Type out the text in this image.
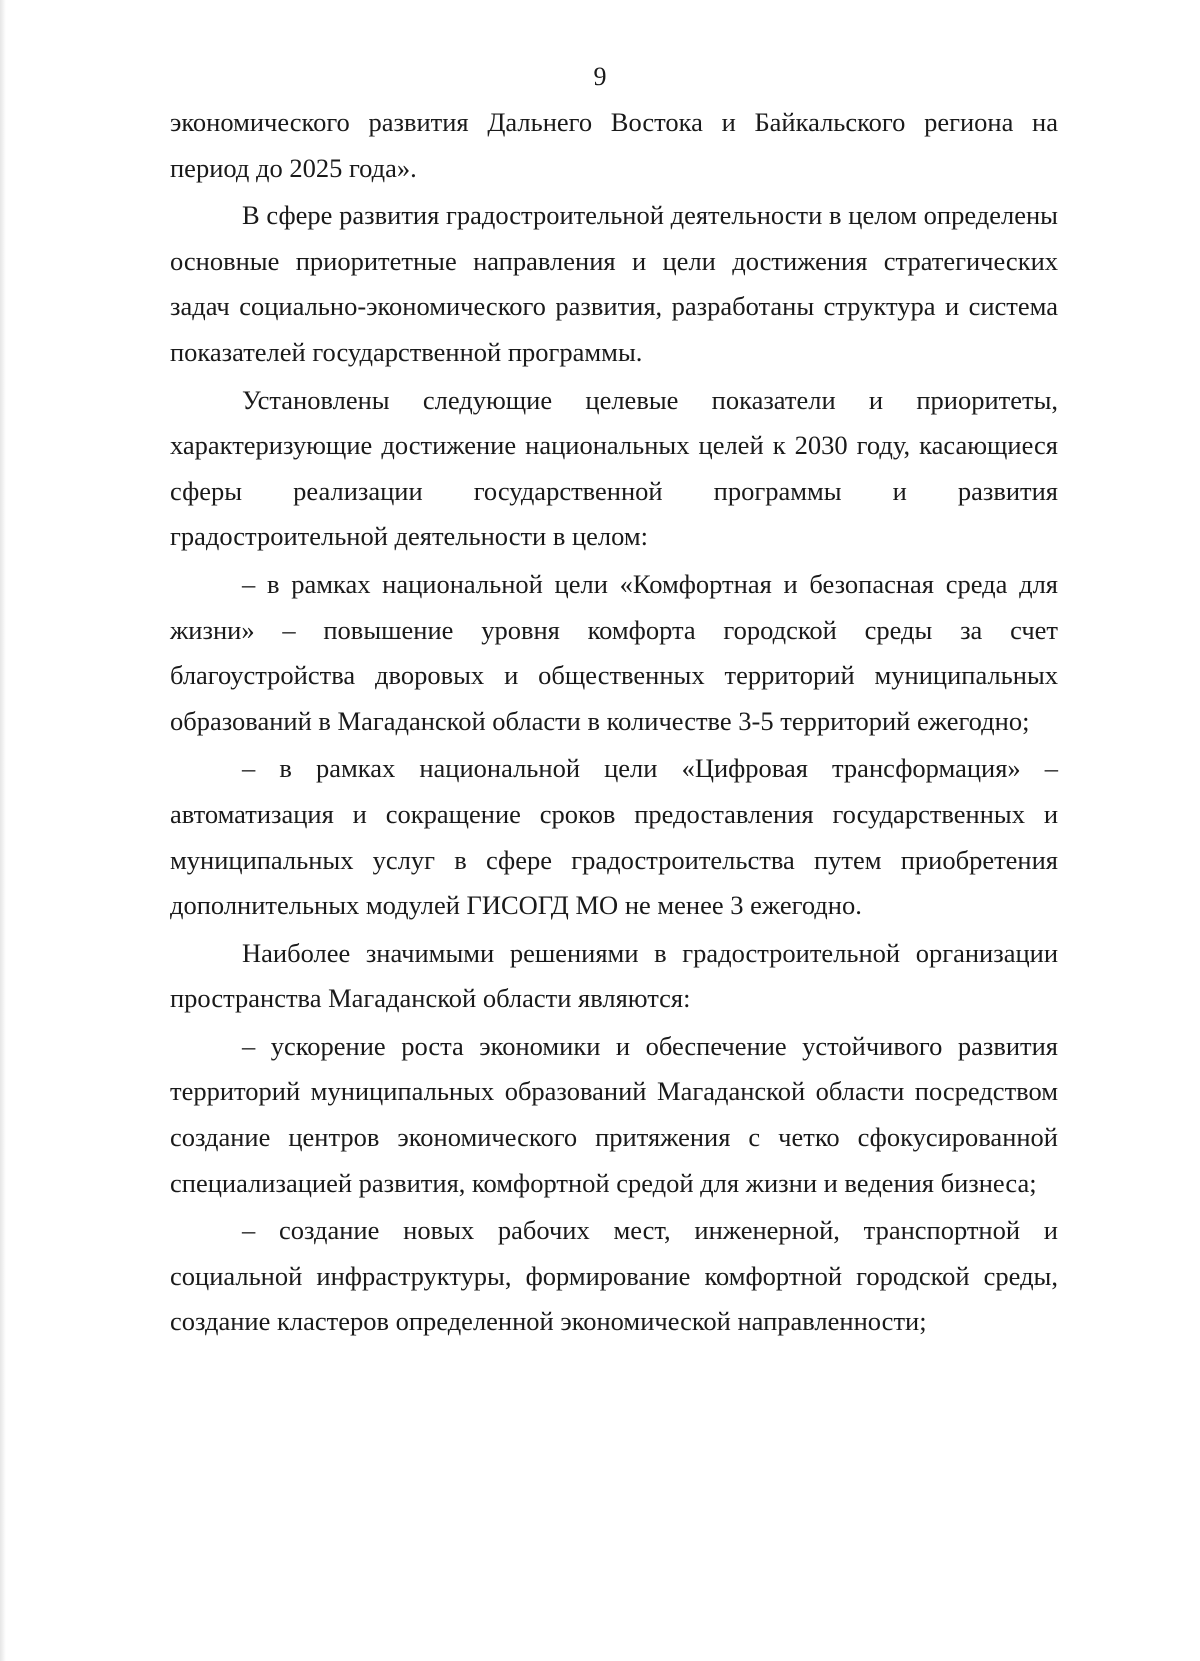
9

экономического развития Дальнего Востока и Байкальского региона на период до 2025 года».

В сфере развития градостроительной деятельности в целом определены основные приоритетные направления и цели достижения стратегических задач социально-экономического развития, разработаны структура и система показателей государственной программы.

Установлены следующие целевые показатели и приоритеты, характеризующие достижение национальных целей к 2030 году, касающиеся сферы реализации государственной программы и развития градостроительной деятельности в целом:

– в рамках национальной цели «Комфортная и безопасная среда для жизни» – повышение уровня комфорта городской среды за счет благоустройства дворовых и общественных территорий муниципальных образований в Магаданской области в количестве 3-5 территорий ежегодно;

– в рамках национальной цели «Цифровая трансформация» – автоматизация и сокращение сроков предоставления государственных и муниципальных услуг в сфере градостроительства путем приобретения дополнительных модулей ГИСОГД МО не менее 3 ежегодно.

Наиболее значимыми решениями в градостроительной организации пространства Магаданской области являются:

– ускорение роста экономики и обеспечение устойчивого развития территорий муниципальных образований Магаданской области посредством создание центров экономического притяжения с четко сфокусированной специализацией развития, комфортной средой для жизни и ведения бизнеса;

– создание новых рабочих мест, инженерной, транспортной и социальной инфраструктуры, формирование комфортной городской среды, создание кластеров определенной экономической направленности;
